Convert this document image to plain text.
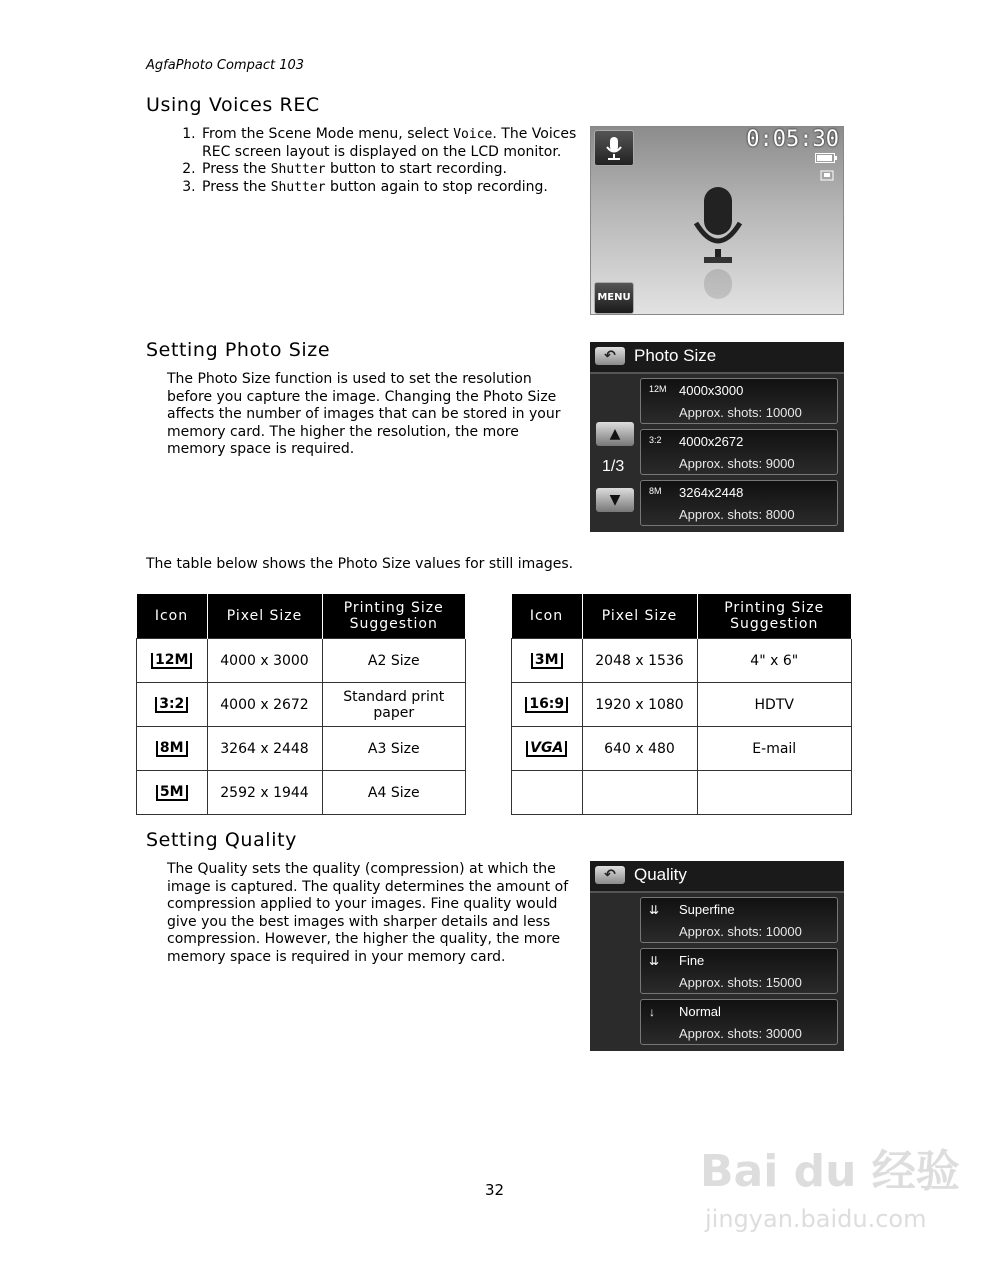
AgfaPhoto Compact 103
Using Voices REC
1. From the Scene Mode menu, select Voice. The Voices REC screen layout is displayed on the LCD monitor.
2. Press the Shutter button to start recording.
3. Press the Shutter button again to stop recording.
0:05:30
MENU
Setting Photo Size
The Photo Size function is used to set the resolution before you capture the image. Changing the Photo Size affects the number of images that can be stored in your memory card. The higher the resolution, the more memory space is required.
↶	Photo Size
▲
1/3
▼
12M 4000x3000
Approx. shots: 10000
3:2 4000x2672
Approx. shots: 9000
8M 3264x2448
Approx. shots: 8000
The table below shows the Photo Size values for still images.
Icon	Pixel Size	Printing Size Suggestion
12M	4000 x 3000	A2 Size
3:2	4000 x 2672	Standard print paper
8M	3264 x 2448	A3 Size
5M	2592 x 1944	A4 Size
Icon	Pixel Size	Printing Size Suggestion
3M	2048 x 1536	4" x 6"
16:9	1920 x 1080	HDTV
VGA	640 x 480	E-mail

Setting Quality
The Quality sets the quality (compression) at which the image is captured. The quality determines the amount of compression applied to your images. Fine quality would give you the best images with sharper details and less compression. However, the higher the quality, the more memory space is required in your memory card.
↶	Quality
⇊ Superfine
Approx. shots: 10000
⇊ Fine
Approx. shots: 15000
↓ Normal
Approx. shots: 30000
32	Bai du 经验
jingyan.baidu.com
